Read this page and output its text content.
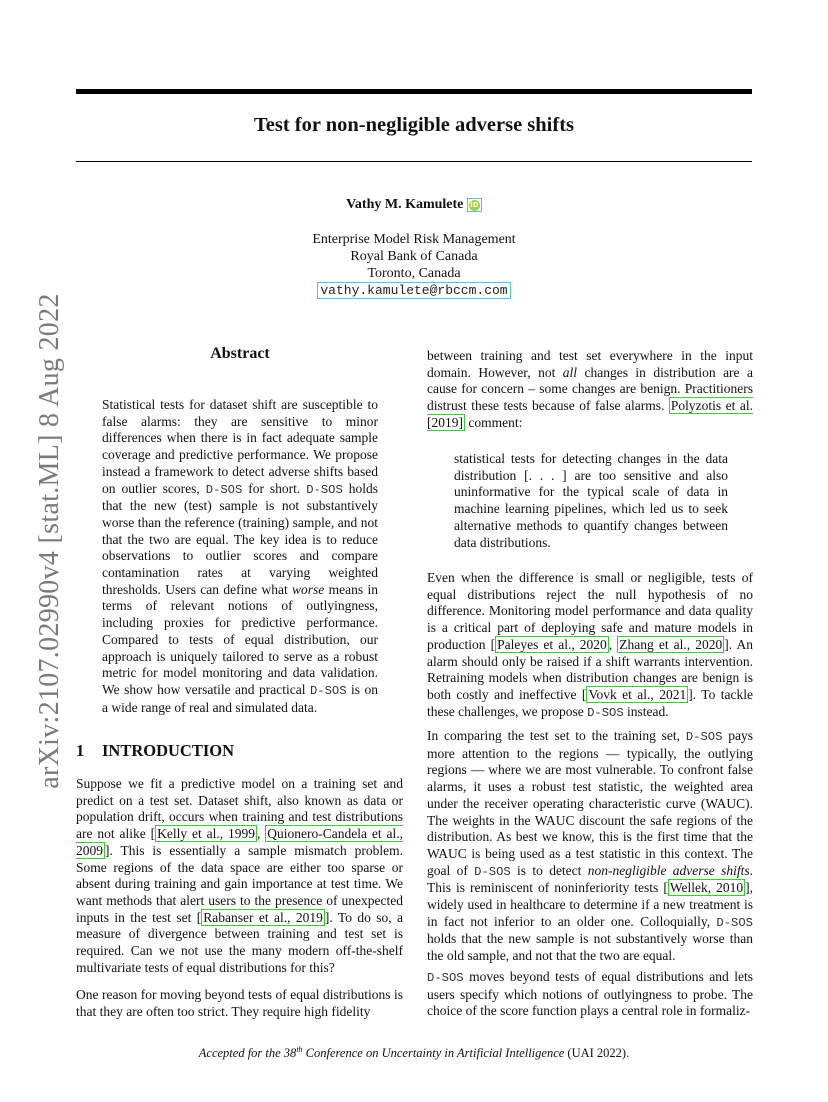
arXiv:2107.02990v4 [stat.ML] 8 Aug 2022
Test for non-negligible adverse shifts
Vathy M. Kamulete iD
Enterprise Model Risk Management
Royal Bank of Canada
Toronto, Canada
vathy.kamulete@rbccm.com
Abstract
Statistical tests for dataset shift are susceptible to false alarms: they are sensitive to minor differences when there is in fact adequate sample coverage and predictive performance. We propose instead a framework to detect adverse shifts based on outlier scores, D-SOS for short. D-SOS holds that the new (test) sample is not substantively worse than the reference (training) sample, and not that the two are equal. The key idea is to reduce observations to outlier scores and compare contamination rates at varying weighted thresholds. Users can define what worse means in terms of relevant notions of outlyingness, including proxies for predictive performance. Compared to tests of equal distribution, our approach is uniquely tailored to serve as a robust metric for model monitoring and data validation. We show how versatile and practical D-SOS is on a wide range of real and simulated data.
1 INTRODUCTION
Suppose we fit a predictive model on a training set and predict on a test set. Dataset shift, also known as data or population drift, occurs when training and test distributions are not alike [ Kelly et al., 1999 , Quionero-Candela et al., 2009 ]. This is essentially a sample mismatch problem. Some regions of the data space are either too sparse or absent during training and gain importance at test time. We want methods that alert users to the presence of unexpected inputs in the test set [ Rabanser et al., 2019 ]. To do so, a measure of divergence between training and test set is required. Can we not use the many modern off-the-shelf multivariate tests of equal distributions for this?
One reason for moving beyond tests of equal distributions is that they are often too strict. They require high fidelity
between training and test set everywhere in the input domain. However, not all changes in distribution are a cause for concern – some changes are benign. Practitioners distrust these tests because of false alarms. Polyzotis et al. [2019] comment:
statistical tests for detecting changes in the data distribution [. . . ] are too sensitive and also uninformative for the typical scale of data in machine learning pipelines, which led us to seek alternative methods to quantify changes between data distributions.
Even when the difference is small or negligible, tests of equal distributions reject the null hypothesis of no difference. Monitoring model performance and data quality is a critical part of deploying safe and mature models in production [ Paleyes et al., 2020 , Zhang et al., 2020 ]. An alarm should only be raised if a shift warrants intervention. Retraining models when distribution changes are benign is both costly and ineffective [ Vovk et al., 2021 ]. To tackle these challenges, we propose D-SOS instead.
In comparing the test set to the training set, D-SOS pays more attention to the regions — typically, the outlying regions — where we are most vulnerable. To confront false alarms, it uses a robust test statistic, the weighted area under the receiver operating characteristic curve (WAUC). The weights in the WAUC discount the safe regions of the distribution. As best we know, this is the first time that the WAUC is being used as a test statistic in this context. The goal of D-SOS is to detect non-negligible adverse shifts. This is reminiscent of noninferiority tests [ Wellek, 2010 ], widely used in healthcare to determine if a new treatment is in fact not inferior to an older one. Colloquially, D-SOS holds that the new sample is not substantively worse than the old sample, and not that the two are equal.
D-SOS moves beyond tests of equal distributions and lets users specify which notions of outlyingness to probe. The choice of the score function plays a central role in formaliz-
Accepted for the 38th Conference on Uncertainty in Artificial Intelligence (UAI 2022).
